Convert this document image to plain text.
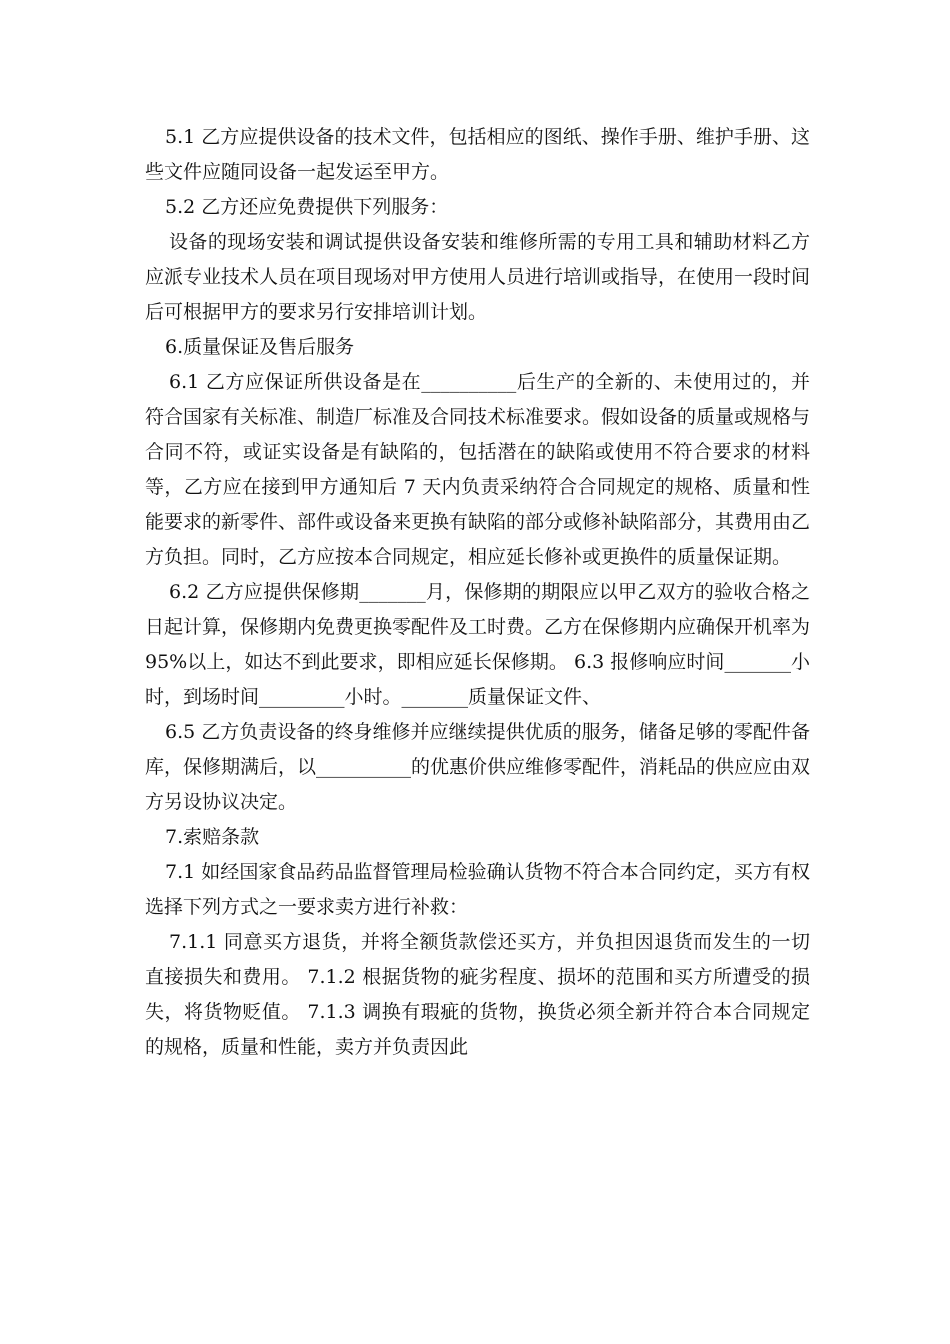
5.1 乙方应提供设备的技术文件，包括相应的图纸、操作手册、维护手册、这些文件应随同设备一起发运至甲方。

5.2 乙方还应免费提供下列服务：

设备的现场安装和调试提供设备安装和维修所需的专用工具和辅助材料乙方应派专业技术人员在项目现场对甲方使用人员进行培训或指导，在使用一段时间后可根据甲方的要求另行安排培训计划。

6.质量保证及售后服务

6.1 乙方应保证所供设备是在__________后生产的全新的、未使用过的，并符合国家有关标准、制造厂标准及合同技术标准要求。假如设备的质量或规格与合同不符，或证实设备是有缺陷的，包括潜在的缺陷或使用不符合要求的材料等，乙方应在接到甲方通知后 7 天内负责采纳符合合同规定的规格、质量和性能要求的新零件、部件或设备来更换有缺陷的部分或修补缺陷部分，其费用由乙方负担。同时，乙方应按本合同规定，相应延长修补或更换件的质量保证期。

6.2 乙方应提供保修期_______月，保修期的期限应以甲乙双方的验收合格之日起计算，保修期内免费更换零配件及工时费。乙方在保修期内应确保开机率为 95%以上，如达不到此要求，即相应延长保修期。 6.3 报修响应时间_______小时，到场时间_________小时。_______质量保证文件、

6.5 乙方负责设备的终身维修并应继续提供优质的服务，储备足够的零配件备库，保修期满后，以__________的优惠价供应维修零配件，消耗品的供应应由双方另设协议决定。

7.索赔条款

7.1 如经国家食品药品监督管理局检验确认货物不符合本合同约定，买方有权选择下列方式之一要求卖方进行补救：

7.1.1 同意买方退货，并将全额货款偿还买方，并负担因退货而发生的一切直接损失和费用。 7.1.2 根据货物的疵劣程度、损坏的范围和买方所遭受的损失，将货物贬值。 7.1.3 调换有瑕疵的货物，换货必须全新并符合本合同规定的规格，质量和性能，卖方并负责因此
